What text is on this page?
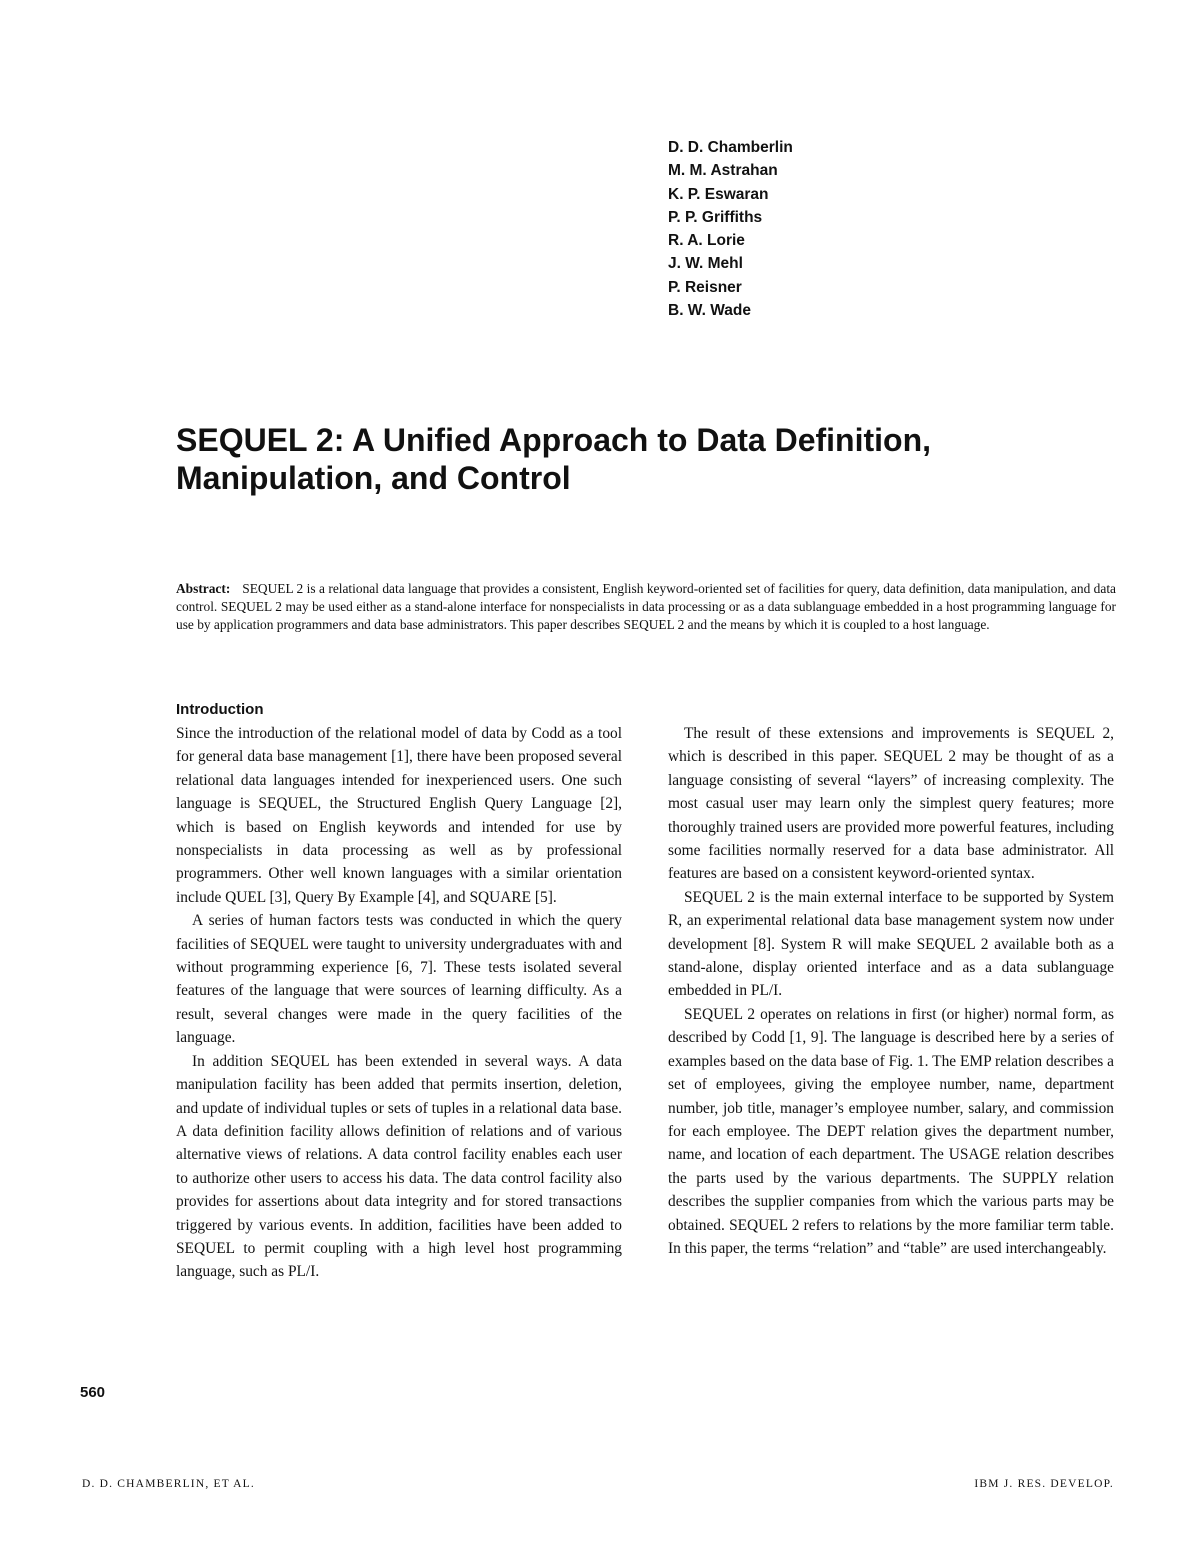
D. D. Chamberlin
M. M. Astrahan
K. P. Eswaran
P. P. Griffiths
R. A. Lorie
J. W. Mehl
P. Reisner
B. W. Wade
SEQUEL 2: A Unified Approach to Data Definition,
Manipulation, and Control

Abstract: SEQUEL 2 is a relational data language that provides a consistent, English keyword-oriented set of facilities for query, data definition, data manipulation, and data control. SEQUEL 2 may be used either as a stand-alone interface for nonspecialists in data processing or as a data sublanguage embedded in a host programming language for use by application programmers and data base administrators. This paper describes SEQUEL 2 and the means by which it is coupled to a host language.

Introduction

Since the introduction of the relational model of data by Codd as a tool for general data base management [1], there have been proposed several relational data languages intended for inexperienced users. One such language is SEQUEL, the Structured English Query Language [2], which is based on English keywords and intended for use by nonspecialists in data processing as well as by professional programmers. Other well known languages with a similar orientation include QUEL [3], Query By Example [4], and SQUARE [5].

A series of human factors tests was conducted in which the query facilities of SEQUEL were taught to university undergraduates with and without programming experience [6, 7]. These tests isolated several features of the language that were sources of learning difficulty. As a result, several changes were made in the query facilities of the language.

In addition SEQUEL has been extended in several ways. A data manipulation facility has been added that permits insertion, deletion, and update of individual tuples or sets of tuples in a relational data base. A data definition facility allows definition of relations and of various alternative views of relations. A data control facility enables each user to authorize other users to access his data. The data control facility also provides for assertions about data integrity and for stored transactions triggered by various events. In addition, facilities have been added to SEQUEL to permit coupling with a high level host programming language, such as PL/I.

The result of these extensions and improvements is SEQUEL 2, which is described in this paper. SEQUEL 2 may be thought of as a language consisting of several “layers” of increasing complexity. The most casual user may learn only the simplest query features; more thoroughly trained users are provided more powerful features, including some facilities normally reserved for a data base administrator. All features are based on a consistent keyword-oriented syntax.

SEQUEL 2 is the main external interface to be supported by System R, an experimental relational data base management system now under development [8]. System R will make SEQUEL 2 available both as a stand-alone, display oriented interface and as a data sublanguage embedded in PL/I.

SEQUEL 2 operates on relations in first (or higher) normal form, as described by Codd [1, 9]. The language is described here by a series of examples based on the data base of Fig. 1. The EMP relation describes a set of employees, giving the employee number, name, department number, job title, manager’s employee number, salary, and commission for each employee. The DEPT relation gives the department number, name, and location of each department. The USAGE relation describes the parts used by the various departments. The SUPPLY relation describes the supplier companies from which the various parts may be obtained. SEQUEL 2 refers to relations by the more familiar term table. In this paper, the terms “relation” and “table” are used interchangeably.

560
D. D. CHAMBERLIN, ET AL.	IBM J. RES. DEVELOP.
